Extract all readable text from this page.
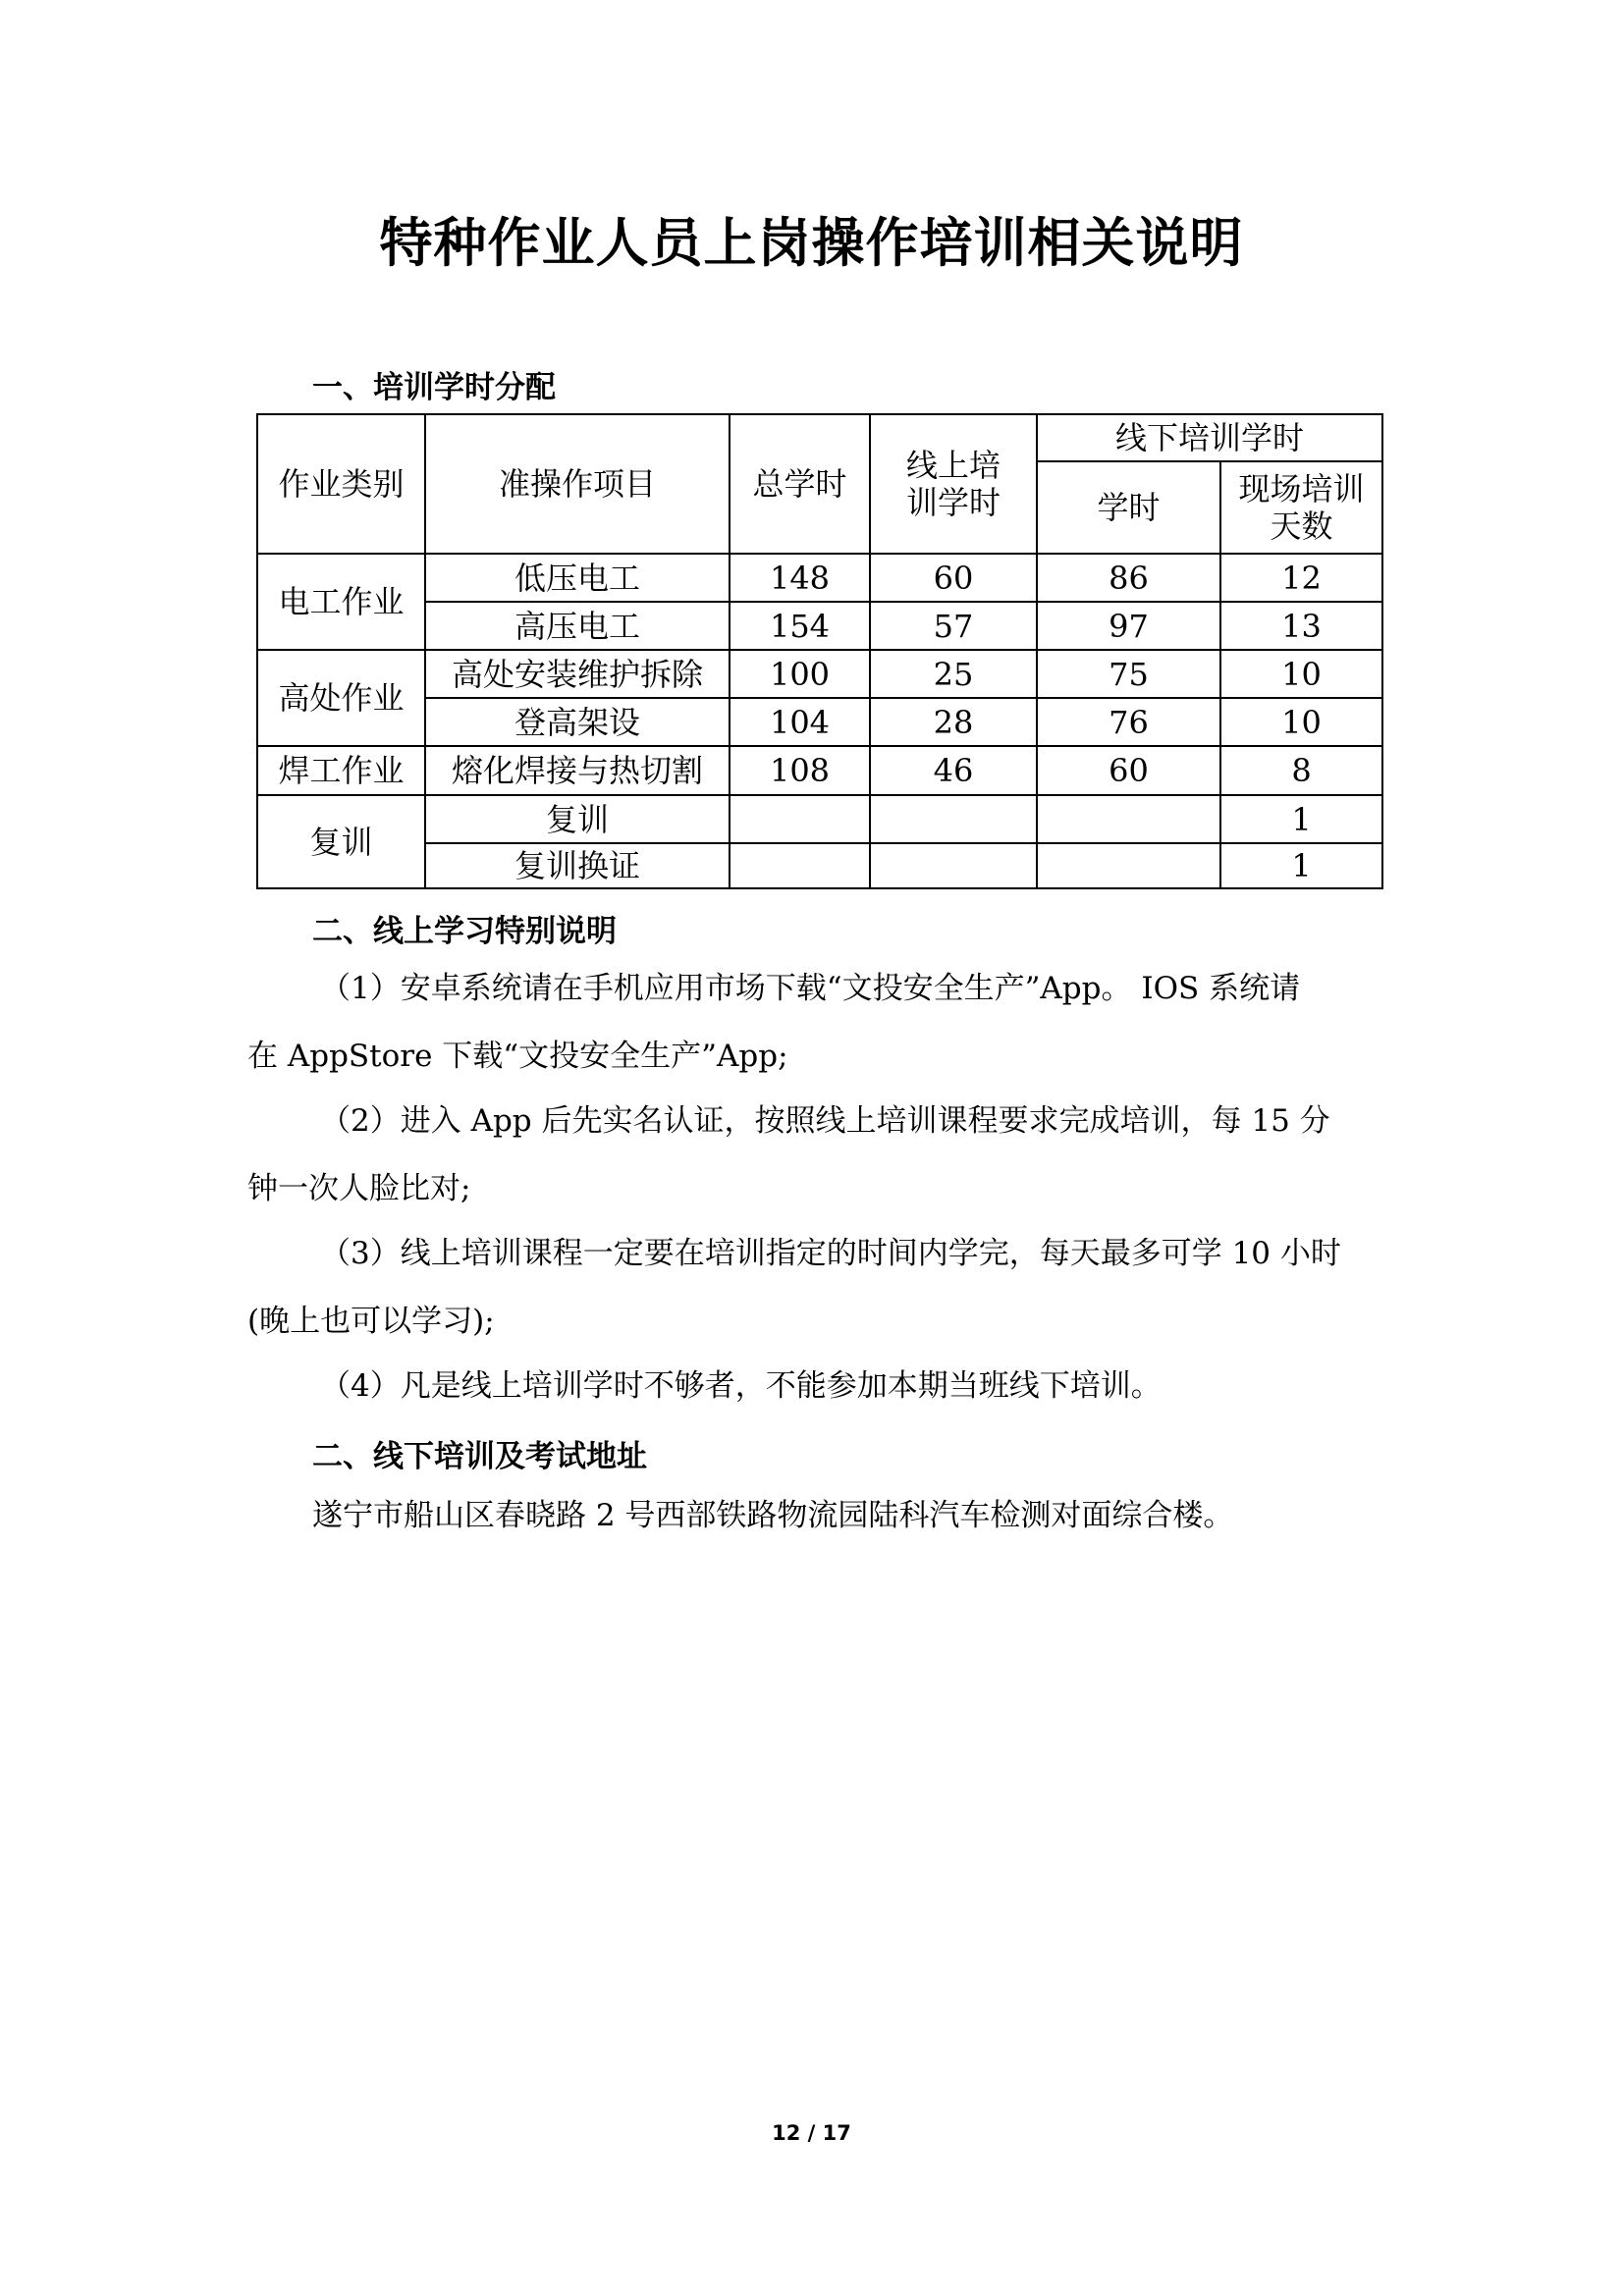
特种作业人员上岗操作培训相关说明
一、培训学时分配
作业类别	准操作项目	总学时	线上培训学时	线下培训学时	
				学时	现场培训天数

电工作业	低压电工	148	60	86	12
	高压电工	154	57	97	13
高处作业	高处安装维护拆除	100	25	75	10
	登高架设	104	28	76	10
焊工作业	熔化焊接与热切割	108	46	60	8
复训	复训				1
	复训换证				1
二、线上学习特别说明

（1）安卓系统请在手机应用市场下载“文投安全生产”App。 IOS 系统请

在 AppStore 下载“文投安全生产”App;

（2）进入 App 后先实名认证，按照线上培训课程要求完成培训，每 15 分

钟一次人脸比对;

（3）线上培训课程一定要在培训指定的时间内学完，每天最多可学 10 小时

(晚上也可以学习);

（4）凡是线上培训学时不够者，不能参加本期当班线下培训。

二、线下培训及考试地址

遂宁市船山区春晓路 2 号西部铁路物流园陆科汽车检测对面综合楼。

12 / 17
